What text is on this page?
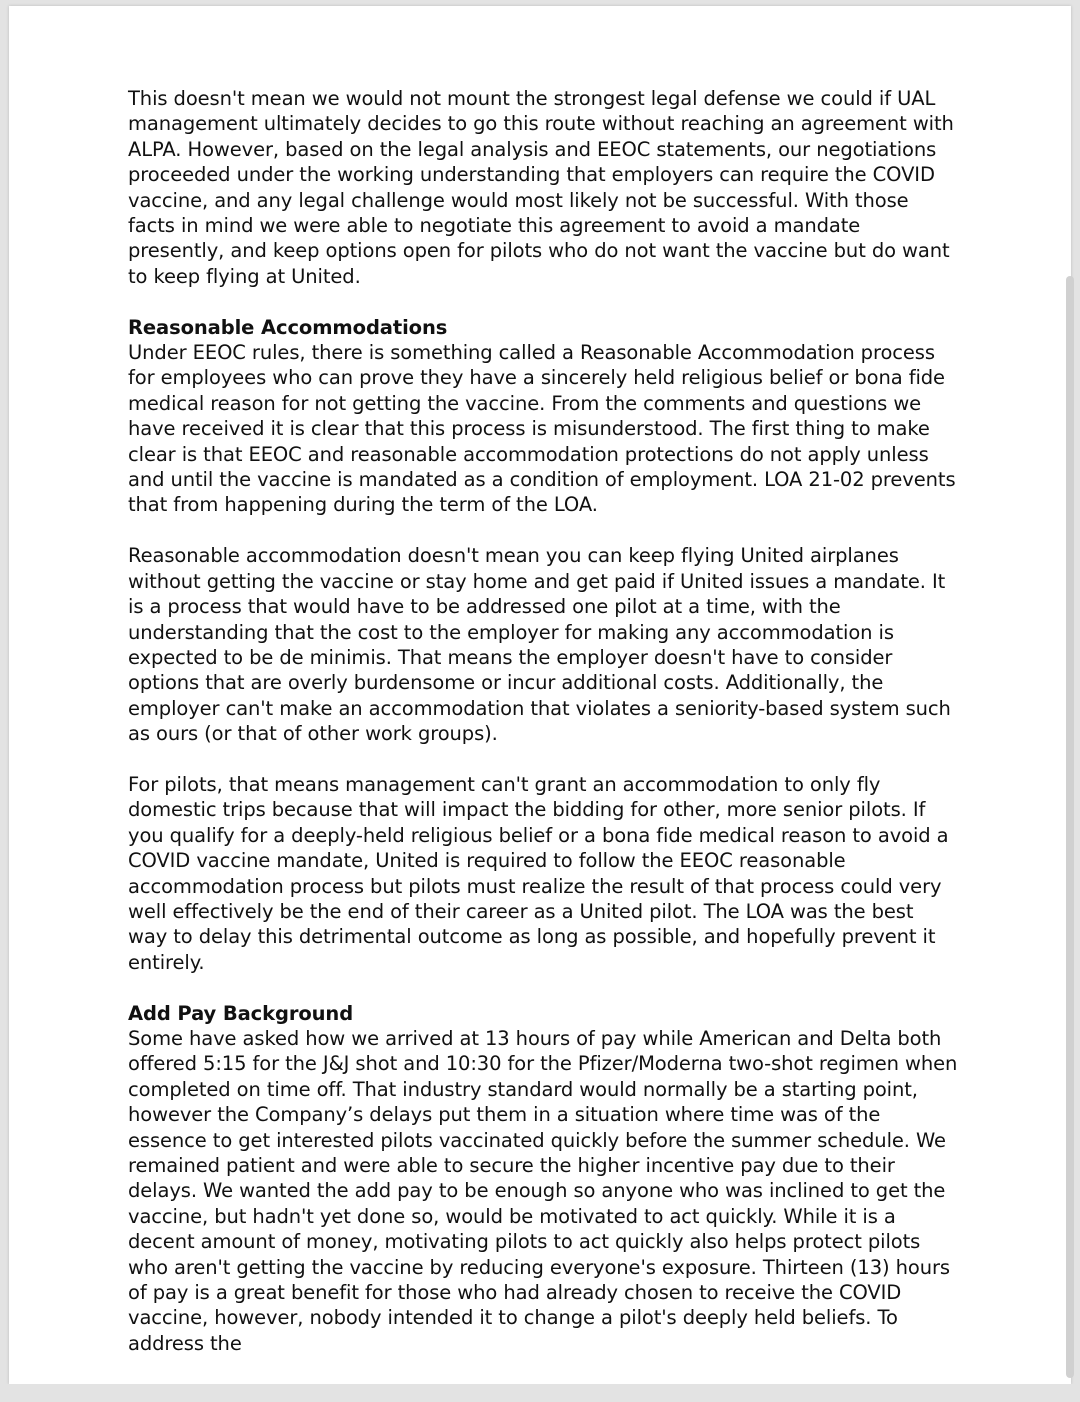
This doesn't mean we would not mount the strongest legal defense we could if UAL management ultimately decides to go this route without reaching an agreement with ALPA. However, based on the legal analysis and EEOC statements, our negotiations proceeded under the working understanding that employers can require the COVID vaccine, and any legal challenge would most likely not be successful. With those facts in mind we were able to negotiate this agreement to avoid a mandate presently, and keep options open for pilots who do not want the vaccine but do want to keep flying at United.

Reasonable Accommodations

Under EEOC rules, there is something called a Reasonable Accommodation process for employees who can prove they have a sincerely held religious belief or bona fide medical reason for not getting the vaccine. From the comments and questions we have received it is clear that this process is misunderstood. The first thing to make clear is that EEOC and reasonable accommodation protections do not apply unless and until the vaccine is mandated as a condition of employment. LOA 21-02 prevents that from happening during the term of the LOA.

Reasonable accommodation doesn't mean you can keep flying United airplanes without getting the vaccine or stay home and get paid if United issues a mandate. It is a process that would have to be addressed one pilot at a time, with the understanding that the cost to the employer for making any accommodation is expected to be de minimis. That means the employer doesn't have to consider options that are overly burdensome or incur additional costs. Additionally, the employer can't make an accommodation that violates a seniority-based system such as ours (or that of other work groups).

For pilots, that means management can't grant an accommodation to only fly domestic trips because that will impact the bidding for other, more senior pilots. If you qualify for a deeply-held religious belief or a bona fide medical reason to avoid a COVID vaccine mandate, United is required to follow the EEOC reasonable accommodation process but pilots must realize the result of that process could very well effectively be the end of their career as a United pilot. The LOA was the best way to delay this detrimental outcome as long as possible, and hopefully prevent it entirely.

Add Pay Background

Some have asked how we arrived at 13 hours of pay while American and Delta both offered 5:15 for the J&J shot and 10:30 for the Pfizer/Moderna two-shot regimen when completed on time off. That industry standard would normally be a starting point, however the Company’s delays put them in a situation where time was of the essence to get interested pilots vaccinated quickly before the summer schedule. We remained patient and were able to secure the higher incentive pay due to their delays. We wanted the add pay to be enough so anyone who was inclined to get the vaccine, but hadn't yet done so, would be motivated to act quickly. While it is a decent amount of money, motivating pilots to act quickly also helps protect pilots who aren't getting the vaccine by reducing everyone's exposure. Thirteen (13) hours of pay is a great benefit for those who had already chosen to receive the COVID vaccine, however, nobody intended it to change a pilot's deeply held beliefs. To address the
